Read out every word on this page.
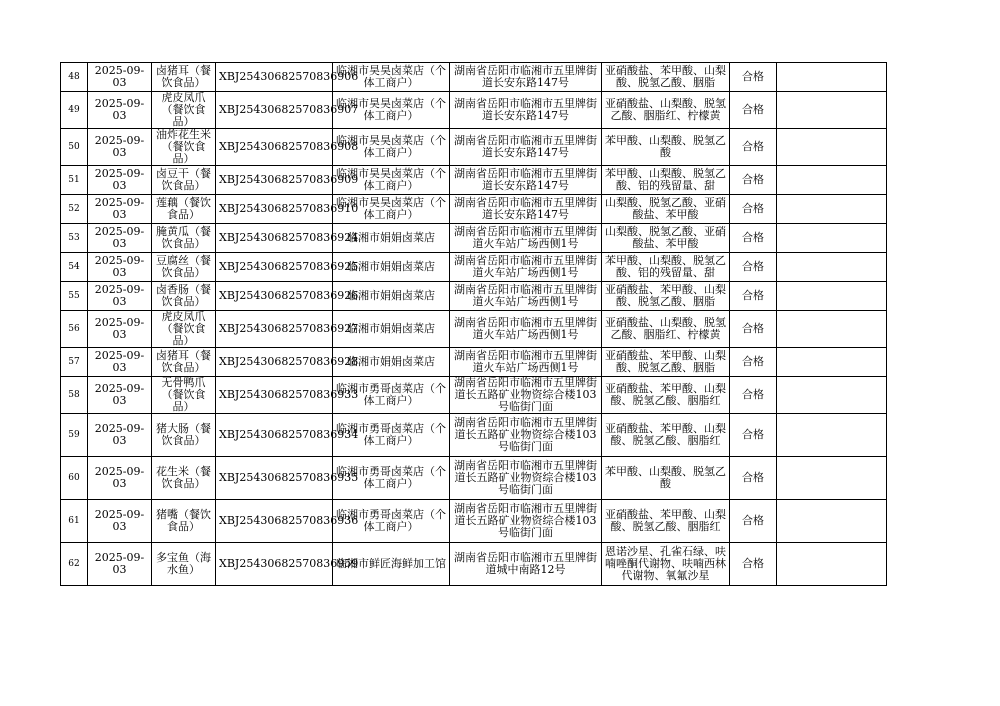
48	2025-09-03	卤猪耳（餐饮食品）	XBJ25430682570836906	临湘市昊昊卤菜店（个体工商户）	湖南省岳阳市临湘市五里牌街道长安东路147号	亚硝酸盐、苯甲酸、山梨酸、脱氢乙酸、胭脂	合格	
49	2025-09-03	虎皮凤爪（餐饮食品）	XBJ25430682570836907	临湘市昊昊卤菜店（个体工商户）	湖南省岳阳市临湘市五里牌街道长安东路147号	亚硝酸盐、山梨酸、脱氢乙酸、胭脂红、柠檬黄	合格	
50	2025-09-03	油炸花生米（餐饮食品）	XBJ25430682570836908	临湘市昊昊卤菜店（个体工商户）	湖南省岳阳市临湘市五里牌街道长安东路147号	苯甲酸、山梨酸、脱氢乙酸	合格	
51	2025-09-03	卤豆干（餐饮食品）	XBJ25430682570836909	临湘市昊昊卤菜店（个体工商户）	湖南省岳阳市临湘市五里牌街道长安东路147号	苯甲酸、山梨酸、脱氢乙酸、铝的残留量、甜	合格	
52	2025-09-03	莲藕（餐饮食品）	XBJ25430682570836910	临湘市昊昊卤菜店（个体工商户）	湖南省岳阳市临湘市五里牌街道长安东路147号	山梨酸、脱氢乙酸、亚硝酸盐、苯甲酸	合格	
53	2025-09-03	腌黄瓜（餐饮食品）	XBJ25430682570836924	临湘市娟娟卤菜店	湖南省岳阳市临湘市五里牌街道火车站广场西侧1号	山梨酸、脱氢乙酸、亚硝酸盐、苯甲酸	合格	
54	2025-09-03	豆腐丝（餐饮食品）	XBJ25430682570836925	临湘市娟娟卤菜店	湖南省岳阳市临湘市五里牌街道火车站广场西侧1号	苯甲酸、山梨酸、脱氢乙酸、铝的残留量、甜	合格	
55	2025-09-03	卤香肠（餐饮食品）	XBJ25430682570836926	临湘市娟娟卤菜店	湖南省岳阳市临湘市五里牌街道火车站广场西侧1号	亚硝酸盐、苯甲酸、山梨酸、脱氢乙酸、胭脂	合格	
56	2025-09-03	虎皮凤爪（餐饮食品）	XBJ25430682570836927	临湘市娟娟卤菜店	湖南省岳阳市临湘市五里牌街道火车站广场西侧1号	亚硝酸盐、山梨酸、脱氢乙酸、胭脂红、柠檬黄	合格	
57	2025-09-03	卤猪耳（餐饮食品）	XBJ25430682570836928	临湘市娟娟卤菜店	湖南省岳阳市临湘市五里牌街道火车站广场西侧1号	亚硝酸盐、苯甲酸、山梨酸、脱氢乙酸、胭脂	合格	
58	2025-09-03	无骨鸭爪（餐饮食品）	XBJ25430682570836933	临湘市勇哥卤菜店（个体工商户）	湖南省岳阳市临湘市五里牌街道长五路矿业物资综合楼103号临街门面	亚硝酸盐、苯甲酸、山梨酸、脱氢乙酸、胭脂红	合格	
59	2025-09-03	猪大肠（餐饮食品）	XBJ25430682570836934	临湘市勇哥卤菜店（个体工商户）	湖南省岳阳市临湘市五里牌街道长五路矿业物资综合楼103号临街门面	亚硝酸盐、苯甲酸、山梨酸、脱氢乙酸、胭脂红	合格	
60	2025-09-03	花生米（餐饮食品）	XBJ25430682570836935	临湘市勇哥卤菜店（个体工商户）	湖南省岳阳市临湘市五里牌街道长五路矿业物资综合楼103号临街门面	苯甲酸、山梨酸、脱氢乙酸	合格	
61	2025-09-03	猪嘴（餐饮食品）	XBJ25430682570836936	临湘市勇哥卤菜店（个体工商户）	湖南省岳阳市临湘市五里牌街道长五路矿业物资综合楼103号临街门面	亚硝酸盐、苯甲酸、山梨酸、脱氢乙酸、胭脂红	合格	
62	2025-09-03	多宝鱼（海水鱼）	XBJ25430682570836959	临湘市鲜匠海鲜加工馆	湖南省岳阳市临湘市五里牌街道城中南路12号	恩诺沙星、孔雀石绿、呋喃唑酮代谢物、呋喃西林代谢物、氧氟沙星	合格	
